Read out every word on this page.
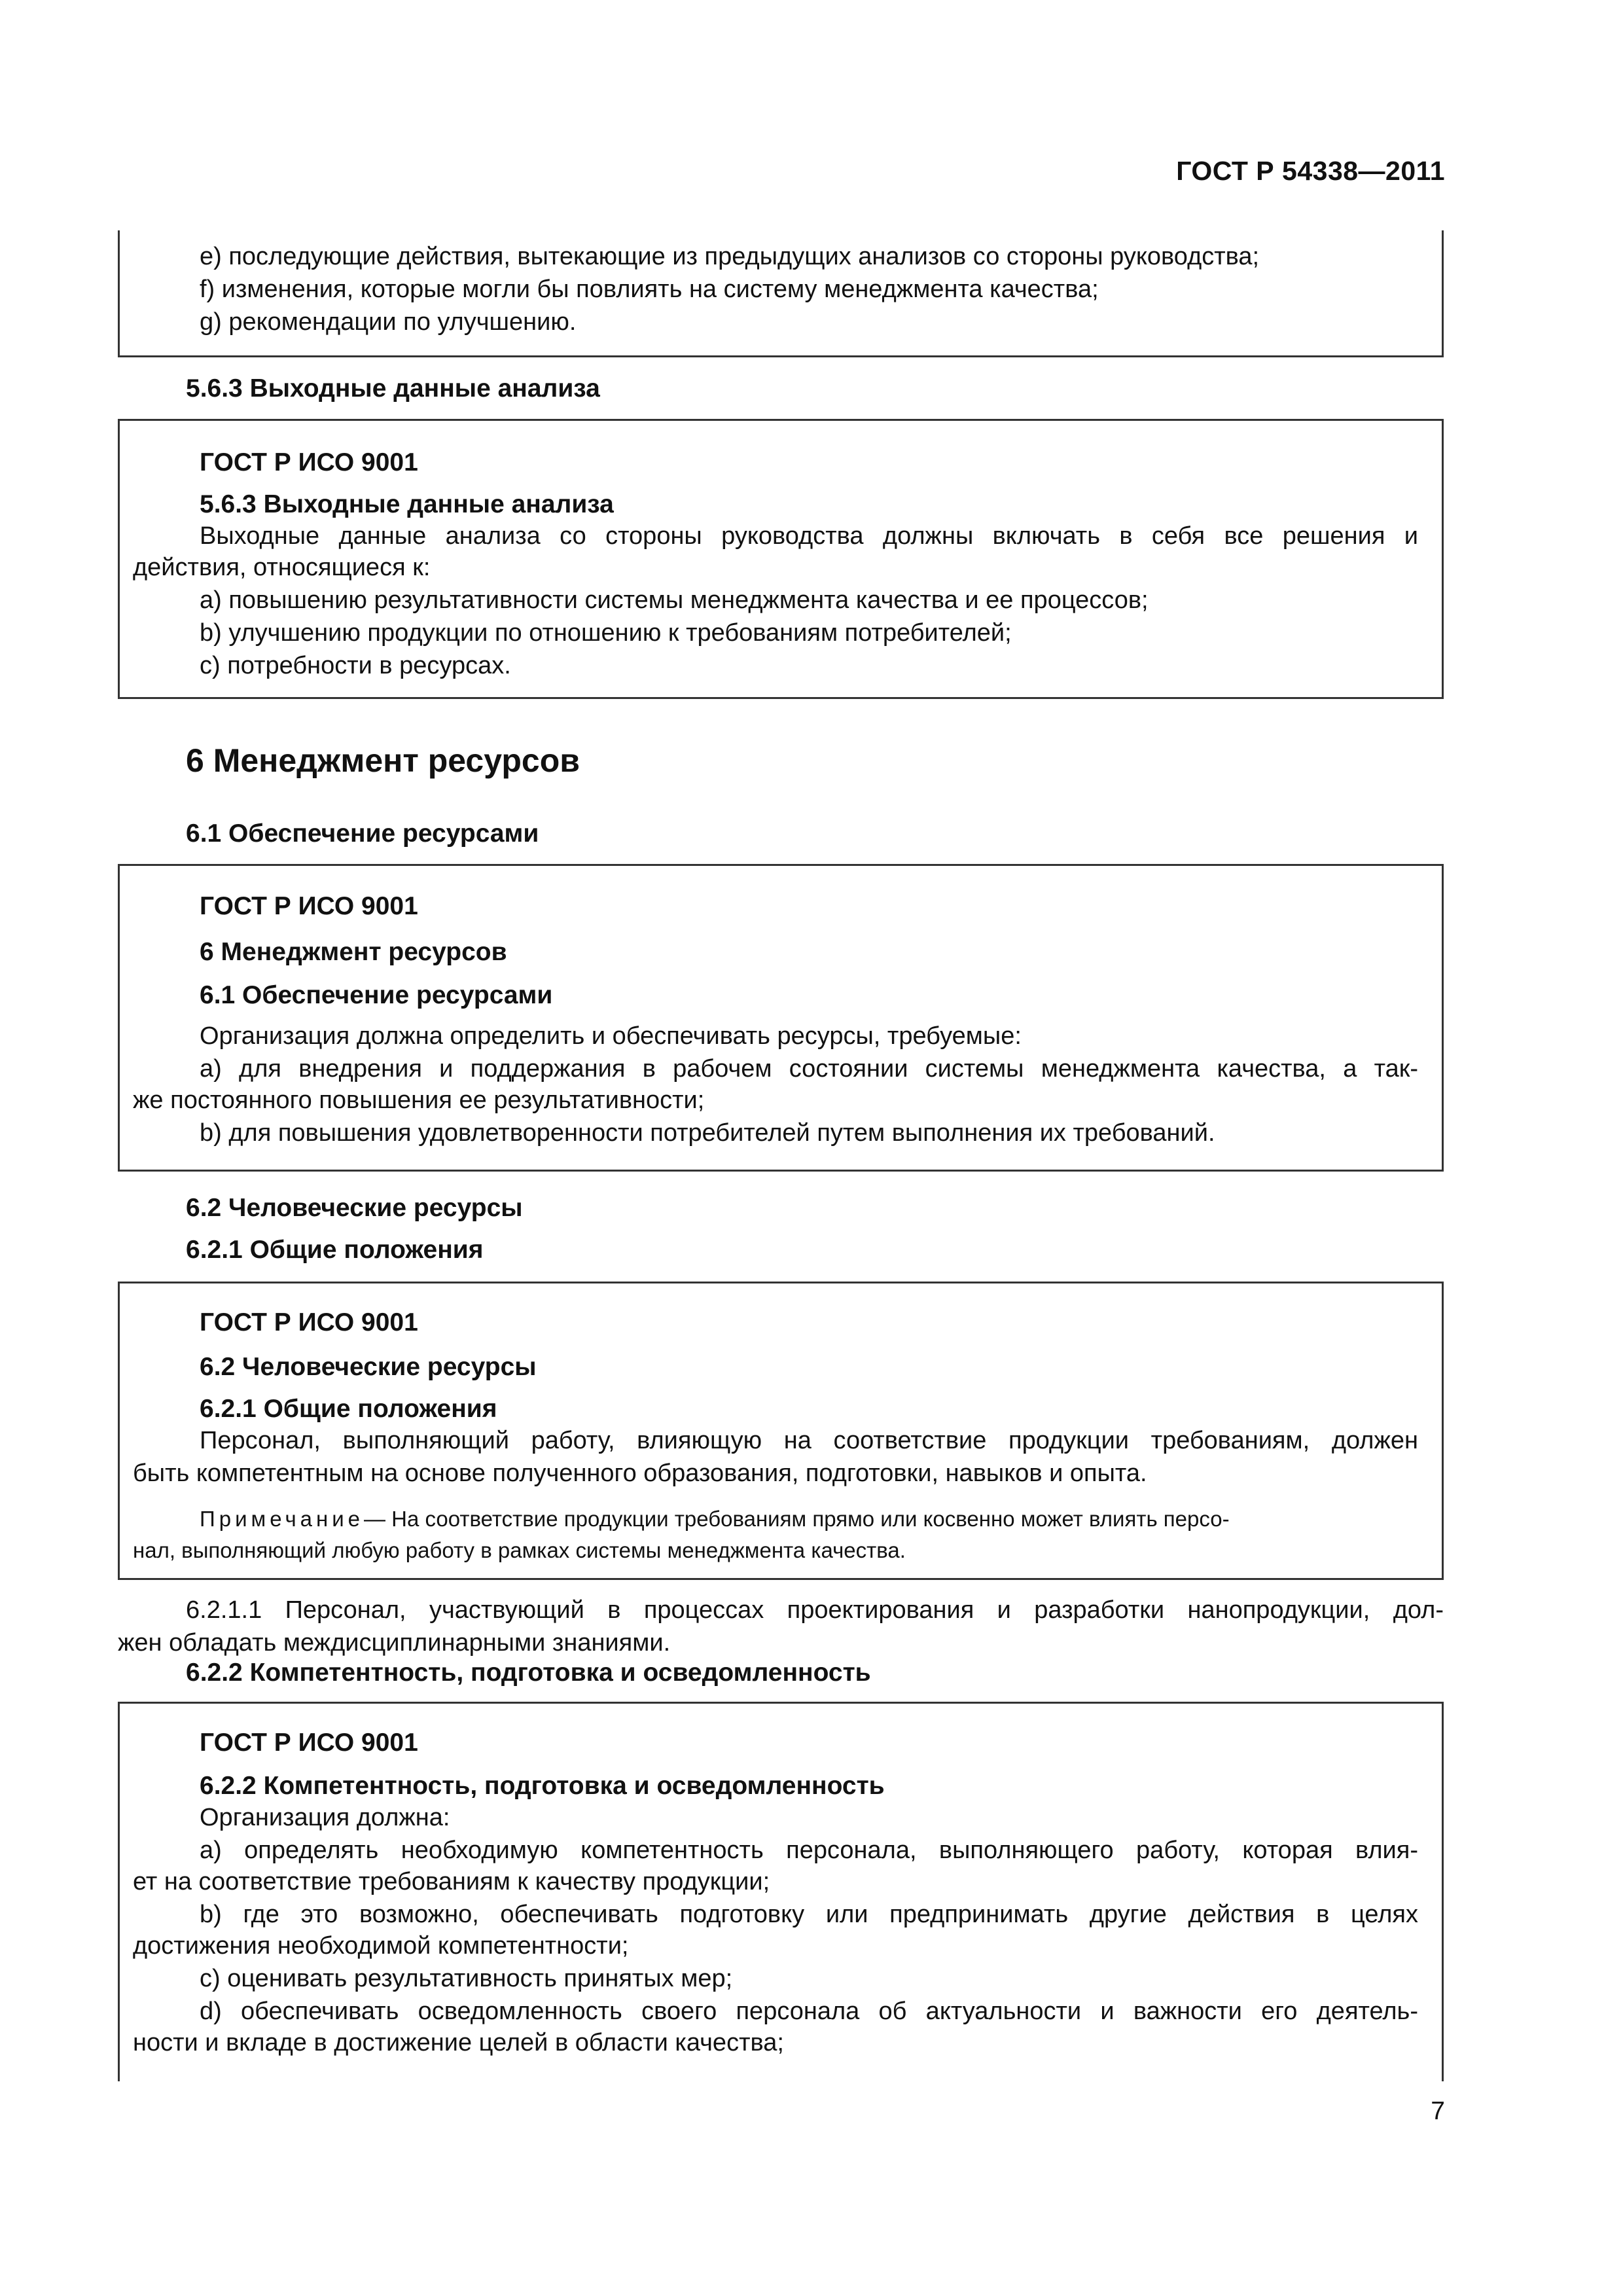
ГОСТ Р 54338—2011
e) последующие действия, вытекающие из предыдущих анализов со стороны руководства;
f) изменения, которые могли бы повлиять на систему менеджмента качества;
g) рекомендации по улучшению.
5.6.3 Выходные данные анализа
ГОСТ Р ИСО 9001
5.6.3 Выходные данные анализа
Выходные данные анализа со стороны руководства должны включать в себя все решения и
действия, относящиеся к:
a) повышению результативности системы менеджмента качества и ее процессов;
b) улучшению продукции по отношению к требованиям потребителей;
c) потребности в ресурсах.
6 Менеджмент ресурсов
6.1 Обеспечение ресурсами
ГОСТ Р ИСО 9001
6 Менеджмент ресурсов
6.1 Обеспечение ресурсами
Организация должна определить и обеспечивать ресурсы, требуемые:
a) для внедрения и поддержания в рабочем состоянии системы менеджмента качества, а так-
же постоянного повышения ее результативности;
b) для повышения удовлетворенности потребителей путем выполнения их требований.
6.2 Человеческие ресурсы
6.2.1 Общие положения
ГОСТ Р ИСО 9001
6.2 Человеческие ресурсы
6.2.1 Общие положения
Персонал, выполняющий работу, влияющую на соответствие продукции требованиям, должен
быть компетентным на основе полученного образования, подготовки, навыков и опыта.
Примечание— На соответствие продукции требованиям прямо или косвенно может влиять персо-
нал, выполняющий любую работу в рамках системы менеджмента качества.
6.2.1.1 Персонал, участвующий в процессах проектирования и разработки нанопродукции, дол-
жен обладать междисциплинарными знаниями.
6.2.2 Компетентность, подготовка и осведомленность
ГОСТ Р ИСО 9001
6.2.2 Компетентность, подготовка и осведомленность
Организация должна:
a) определять необходимую компетентность персонала, выполняющего работу, которая влия-
ет на соответствие требованиям к качеству продукции;
b) где это возможно, обеспечивать подготовку или предпринимать другие действия в целях
достижения необходимой компетентности;
c) оценивать результативность принятых мер;
d) обеспечивать осведомленность своего персонала об актуальности и важности его деятель-
ности и вкладе в достижение целей в области качества;
7
